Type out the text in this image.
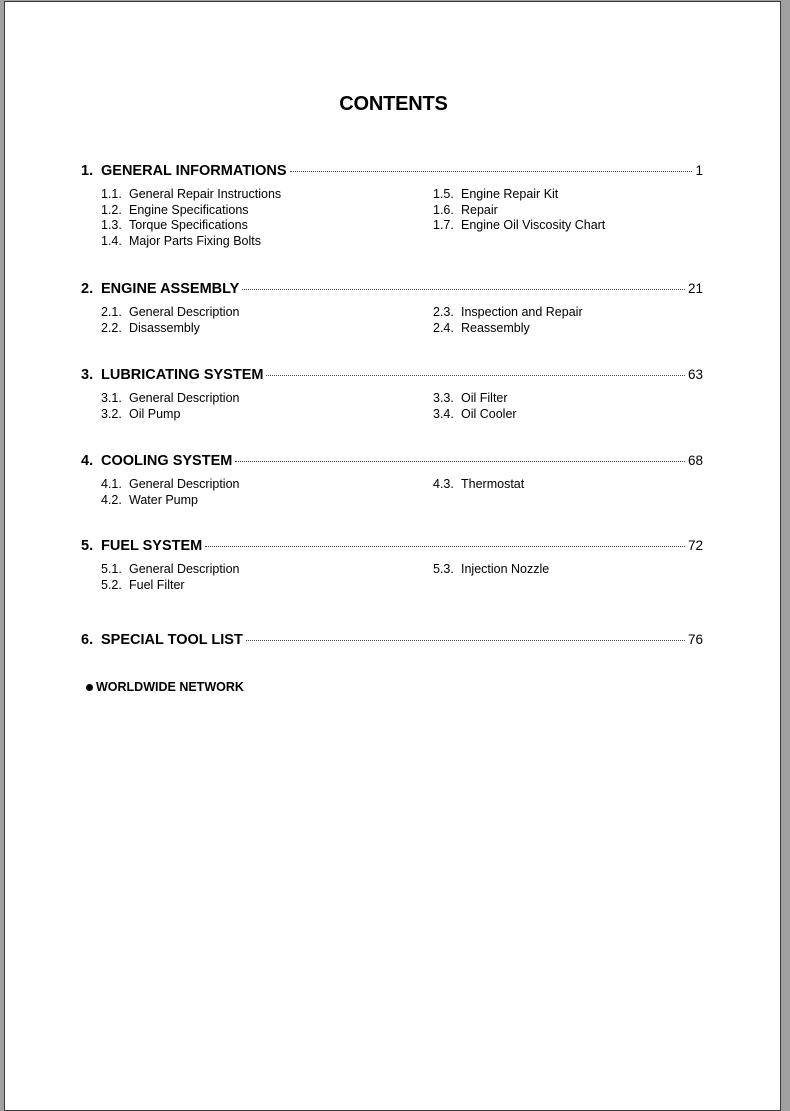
CONTENTS
1. GENERAL INFORMATIONS	1
1.1. General Repair Instructions
1.2. Engine Specifications
1.3. Torque Specifications
1.4. Major Parts Fixing Bolts
1.5. Engine Repair Kit
1.6. Repair
1.7. Engine Oil Viscosity Chart
2. ENGINE ASSEMBLY	21
2.1. General Description
2.2. Disassembly
2.3. Inspection and Repair
2.4. Reassembly
3. LUBRICATING SYSTEM	63
3.1. General Description
3.2. Oil Pump
3.3. Oil Filter
3.4. Oil Cooler
4. COOLING SYSTEM	68
4.1. General Description
4.2. Water Pump
4.3. Thermostat
5. FUEL SYSTEM	72
5.1. General Description
5.2. Fuel Filter
5.3. Injection Nozzle
6. SPECIAL TOOL LIST	76
WORLDWIDE NETWORK
